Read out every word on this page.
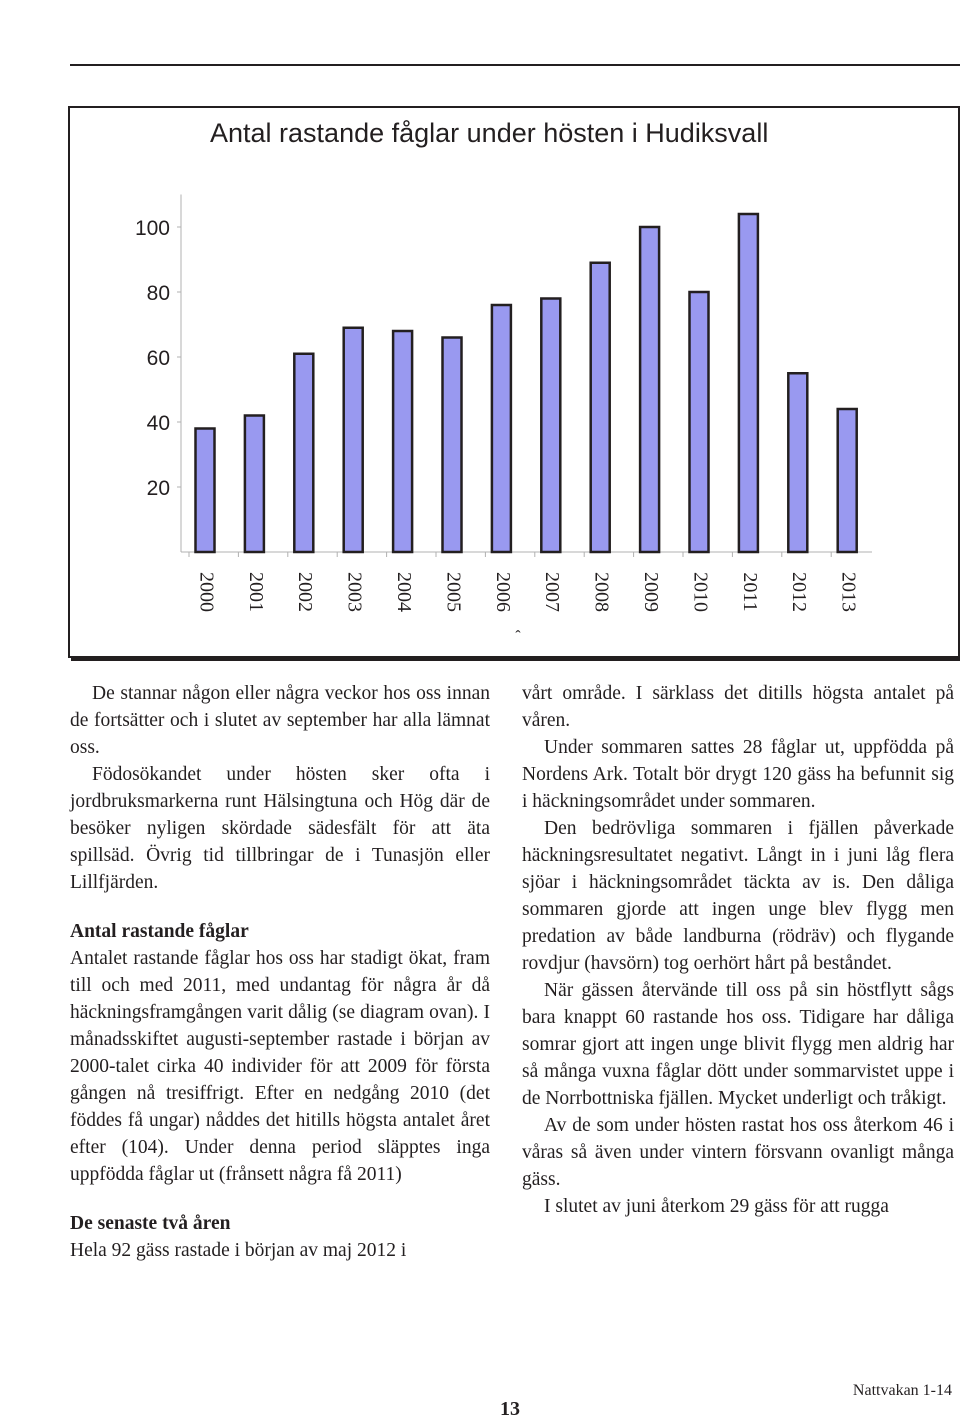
Antal rastande fåglar under hösten i Hudiksvall
20
40
60
80
100
2000 2001 2002 2003 2004 2005 2006 2007 2008 2009 2010 2011 2012 2013
ˆ

De stannar någon eller några veckor hos oss innan de fortsätter och i slutet av september har alla lämnat oss.

Födosökandet under hösten sker ofta i jordbruksmarkerna runt Hälsingtuna och Hög där de besöker nyligen skördade sädesfält för att äta spillsäd. Övrig tid tillbringar de i Tunasjön eller Lillfjärden.

Antal rastande fåglar

Antalet rastande fåglar hos oss har stadigt ökat, fram till och med 2011, med undantag för några år då häckningsframgången varit dålig (se diagram ovan). I månadsskiftet augusti-september rastade i början av 2000-talet cirka 40 individer för att 2009 för första gången nå tresiffrigt. Efter en nedgång 2010 (det föddes få ungar) nåddes det hitills högsta antalet året efter (104). Under denna period släpptes inga uppfödda fåglar ut (frånsett några få 2011)

De senaste två åren

Hela 92 gäss rastade i början av maj 2012 i

vårt område. I särklass det ditills högsta antalet på våren.

Under sommaren sattes 28 fåglar ut, uppfödda på Nordens Ark. Totalt bör drygt 120 gäss ha befunnit sig i häckningsområdet under sommaren.

Den bedrövliga sommaren i fjällen påverkade häckningsresultatet negativt. Långt in i juni låg flera sjöar i häckningsområdet täckta av is. Den dåliga sommaren gjorde att ingen unge blev flygg men predation av både landburna (rödräv) och flygande rovdjur (havsörn) tog oerhört hårt på beståndet.

När gässen återvände till oss på sin höstflytt sågs bara knappt 60 rastande hos oss. Tidigare har dåliga somrar gjort att ingen unge blivit flygg men aldrig har så många vuxna fåglar dött under sommarvistet uppe i de Norrbottniska fjällen. Mycket underligt och tråkigt.

Av de som under hösten rastat hos oss återkom 46 i våras så även under vintern försvann ovanligt många gäss.

I slutet av juni återkom 29 gäss för att rugga

13

Nattvakan 1-14
